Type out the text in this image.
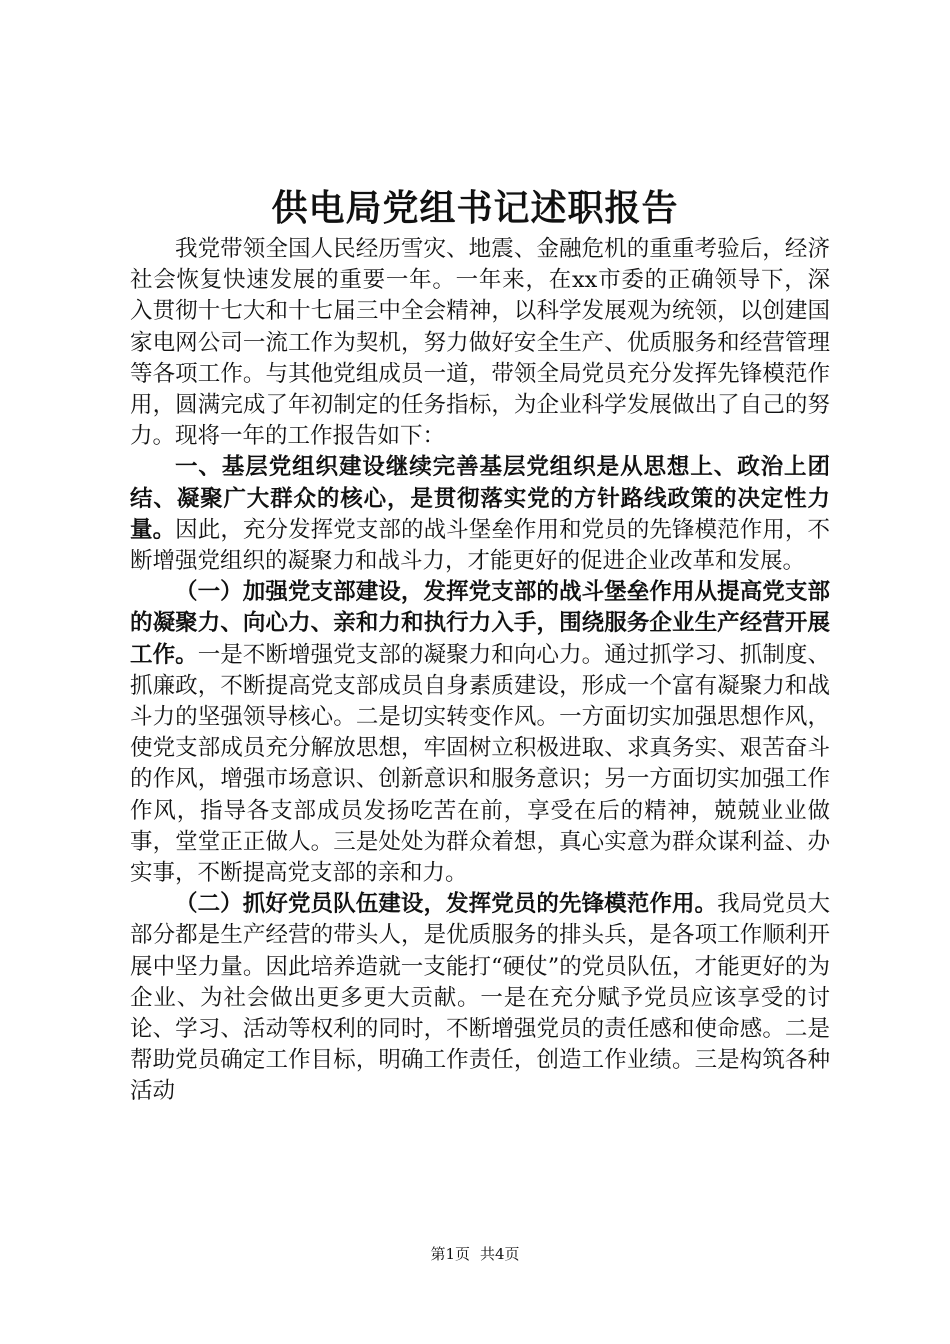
供电局党组书记述职报告

我党带领全国人民经历雪灾、地震、金融危机的重重考验后，经济社会恢复快速发展的重要一年。一年来，在xx市委的正确领导下，深入贯彻十七大和十七届三中全会精神，以科学发展观为统领，以创建国家电网公司一流工作为契机，努力做好安全生产、优质服务和经营管理等各项工作。与其他党组成员一道，带领全局党员充分发挥先锋模范作用，圆满完成了年初制定的任务指标，为企业科学发展做出了自己的努力。现将一年的工作报告如下：

一、基层党组织建设继续完善基层党组织是从思想上、政治上团结、凝聚广大群众的核心，是贯彻落实党的方针路线政策的决定性力量。因此，充分发挥党支部的战斗堡垒作用和党员的先锋模范作用，不断增强党组织的凝聚力和战斗力，才能更好的促进企业改革和发展。

（一）加强党支部建设，发挥党支部的战斗堡垒作用从提高党支部的凝聚力、向心力、亲和力和执行力入手，围绕服务企业生产经营开展工作。一是不断增强党支部的凝聚力和向心力。通过抓学习、抓制度、抓廉政，不断提高党支部成员自身素质建设，形成一个富有凝聚力和战斗力的坚强领导核心。二是切实转变作风。一方面切实加强思想作风，使党支部成员充分解放思想，牢固树立积极进取、求真务实、艰苦奋斗的作风，增强市场意识、创新意识和服务意识；另一方面切实加强工作作风，指导各支部成员发扬吃苦在前，享受在后的精神，兢兢业业做事，堂堂正正做人。三是处处为群众着想，真心实意为群众谋利益、办实事，不断提高党支部的亲和力。

（二）抓好党员队伍建设，发挥党员的先锋模范作用。我局党员大部分都是生产经营的带头人，是优质服务的排头兵，是各项工作顺利开展中坚力量。因此培养造就一支能打“硬仗”的党员队伍，才能更好的为企业、为社会做出更多更大贡献。一是在充分赋予党员应该享受的讨论、学习、活动等权利的同时，不断增强党员的责任感和使命感。二是帮助党员确定工作目标，明确工作责任，创造工作业绩。三是构筑各种活动

第1页 共4页
